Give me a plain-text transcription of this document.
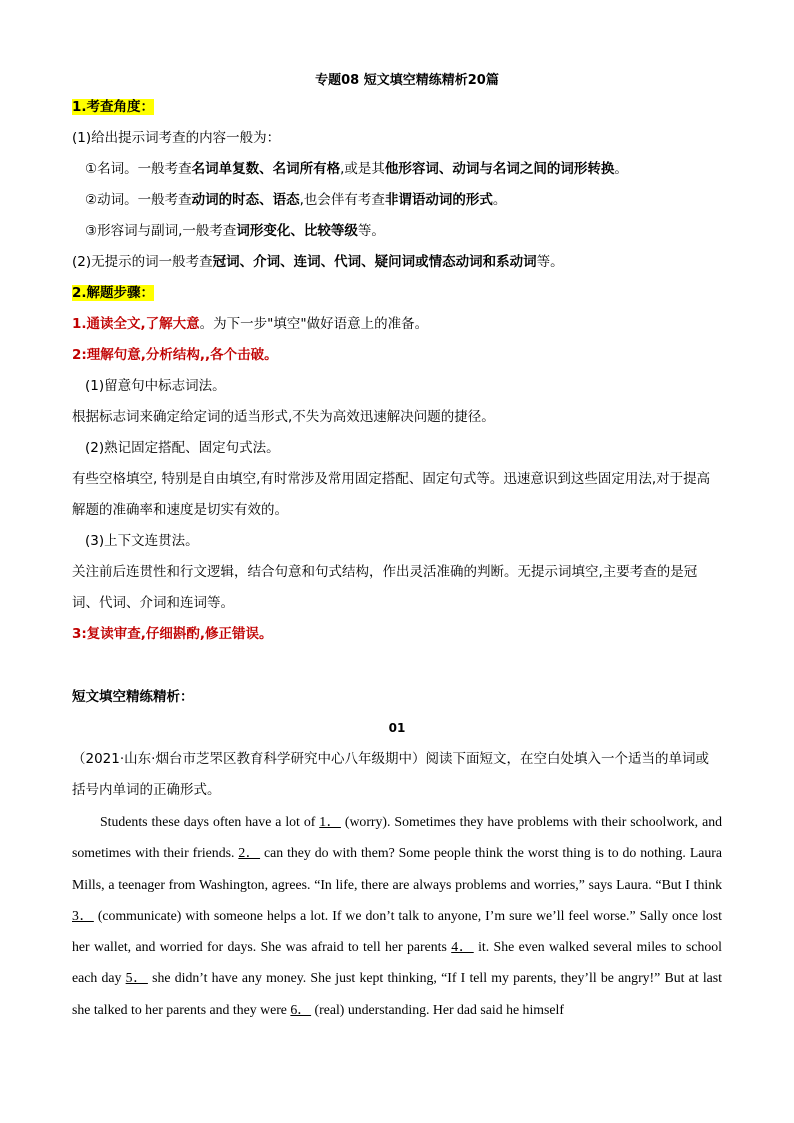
专题08 短文填空精练精析20篇
1.考查角度：
(1)给出提示词考查的内容一般为：
①名词。一般考查名词单复数、名词所有格,或是其他形容词、动词与名词之间的词形转换。
②动词。一般考查动词的时态、语态,也会伴有考查非谓语动词的形式。
③形容词与副词,一般考查词形变化、比较等级等。
(2)无提示的词一般考查冠词、介词、连词、代词、疑问词或情态动词和系动词等。
2.解题步骤：
1.通读全文,了解大意。为下一步"填空"做好语意上的准备。
2:理解句意,分析结构,,各个击破。
(1)留意句中标志词法。
根据标志词来确定给定词的适当形式,不失为高效迅速解决问题的捷径。
(2)熟记固定搭配、固定句式法。
有些空格填空, 特别是自由填空,有时常涉及常用固定搭配、固定句式等。迅速意识到这些固定用法,对于提高解题的准确率和速度是切实有效的。
(3)上下文连贯法。
关注前后连贯性和行文逻辑，结合句意和句式结构，作出灵活准确的判断。无提示词填空,主要考查的是冠词、代词、介词和连词等。
3:复读审查,仔细斟酌,修正错误。
短文填空精练精析：
01
（2021·山东·烟台市芝罘区教育科学研究中心八年级期中）阅读下面短文，在空白处填入一个适当的单词或括号内单词的正确形式。
Students these days often have a lot of 1． (worry). Sometimes they have problems with their schoolwork, and sometimes with their friends. 2． can they do with them? Some people think the worst thing is to do nothing. Laura Mills, a teenager from Washington, agrees. “In life, there are always problems and worries,” says Laura. “But I think 3． (communicate) with someone helps a lot. If we don’t talk to anyone, I’m sure we’ll feel worse.” Sally once lost her wallet, and worried for days. She was afraid to tell her parents 4． it. She even walked several miles to school each day 5． she didn’t have any money. She just kept thinking, “If I tell my parents, they’ll be angry!” But at last she talked to her parents and they were 6． (real) understanding. Her dad said he himself
